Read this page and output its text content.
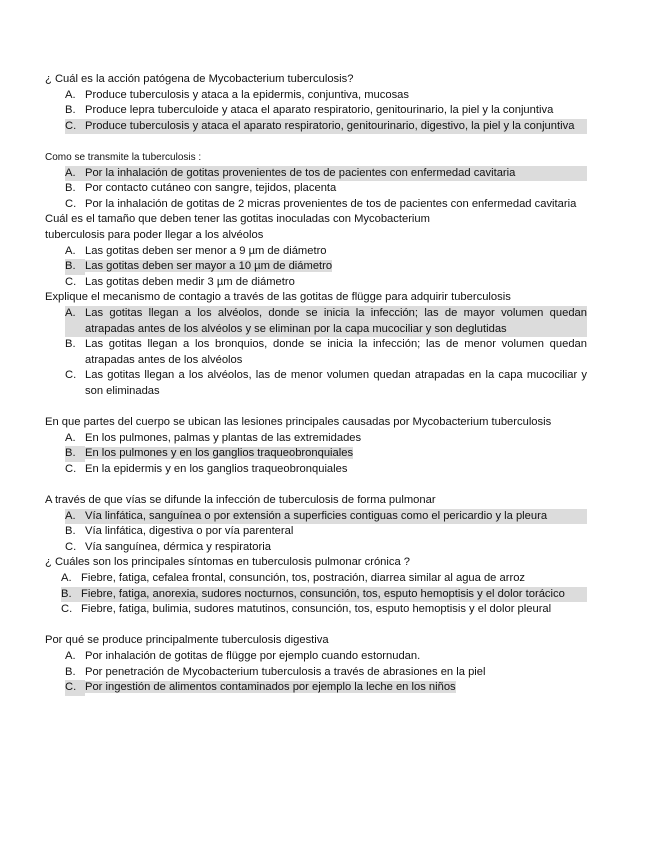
¿ Cuál es la acción patógena de Mycobacterium tuberculosis?

A. Produce tuberculosis y ataca a la epidermis, conjuntiva, mucosas
B. Produce lepra tuberculoide y ataca el aparato respiratorio, genitourinario, la piel y la conjuntiva
C. Produce tuberculosis y ataca el aparato respiratorio, genitourinario, digestivo, la piel y la conjuntiva

Como se transmite la tuberculosis :

A. Por la inhalación de gotitas provenientes de tos de pacientes con enfermedad cavitaria
B. Por contacto cutáneo con sangre, tejidos, placenta
C. Por la inhalación de gotitas de 2 micras provenientes de tos de pacientes con enfermedad cavitaria

Cuál es el tamaño que deben tener las gotitas inoculadas con Mycobacterium tuberculosis para poder llegar a los alvéolos

A. Las gotitas deben ser menor a 9 µm de diámetro
B. Las gotitas deben ser mayor a 10 µm de diámetro
C. Las gotitas deben medir 3 µm de diámetro

Explique el mecanismo de contagio a través de las gotitas de flügge para adquirir tuberculosis

A. Las gotitas llegan a los alvéolos, donde se inicia la infección; las de mayor volumen quedan atrapadas antes de los alvéolos y se eliminan por la capa mucociliar y son deglutidas
B. Las gotitas llegan a los bronquios, donde se inicia la infección; las de menor volumen quedan atrapadas antes de los alvéolos
C. Las gotitas llegan a los alvéolos, las de menor volumen quedan atrapadas en la capa mucociliar y son eliminadas

En que partes del cuerpo se ubican las lesiones principales causadas por Mycobacterium tuberculosis

A. En los pulmones, palmas y plantas de las extremidades
B. En los pulmones y en los ganglios traqueobronquiales
C. En la epidermis y en los ganglios traqueobronquiales

A través de que vías se difunde la infección de tuberculosis de forma pulmonar

A. Vía linfática, sanguínea o por extensión a superficies contiguas como el pericardio y la pleura
B. Vía linfática, digestiva o por vía parenteral
C. Vía sanguínea, dérmica y respiratoria

¿ Cuáles son los principales síntomas en tuberculosis pulmonar crónica ?

A. Fiebre, fatiga, cefalea frontal, consunción, tos, postración, diarrea similar al agua de arroz
B. Fiebre, fatiga, anorexia, sudores nocturnos, consunción, tos, esputo hemoptisis y el dolor torácico
C. Fiebre, fatiga, bulimia, sudores matutinos, consunción, tos, esputo hemoptisis y el dolor pleural

Por qué se produce principalmente tuberculosis digestiva

A. Por inhalación de gotitas de flügge por ejemplo cuando estornudan.
B. Por penetración de Mycobacterium tuberculosis a través de abrasiones en la piel
C. Por ingestión de alimentos contaminados por ejemplo la leche en los niños
